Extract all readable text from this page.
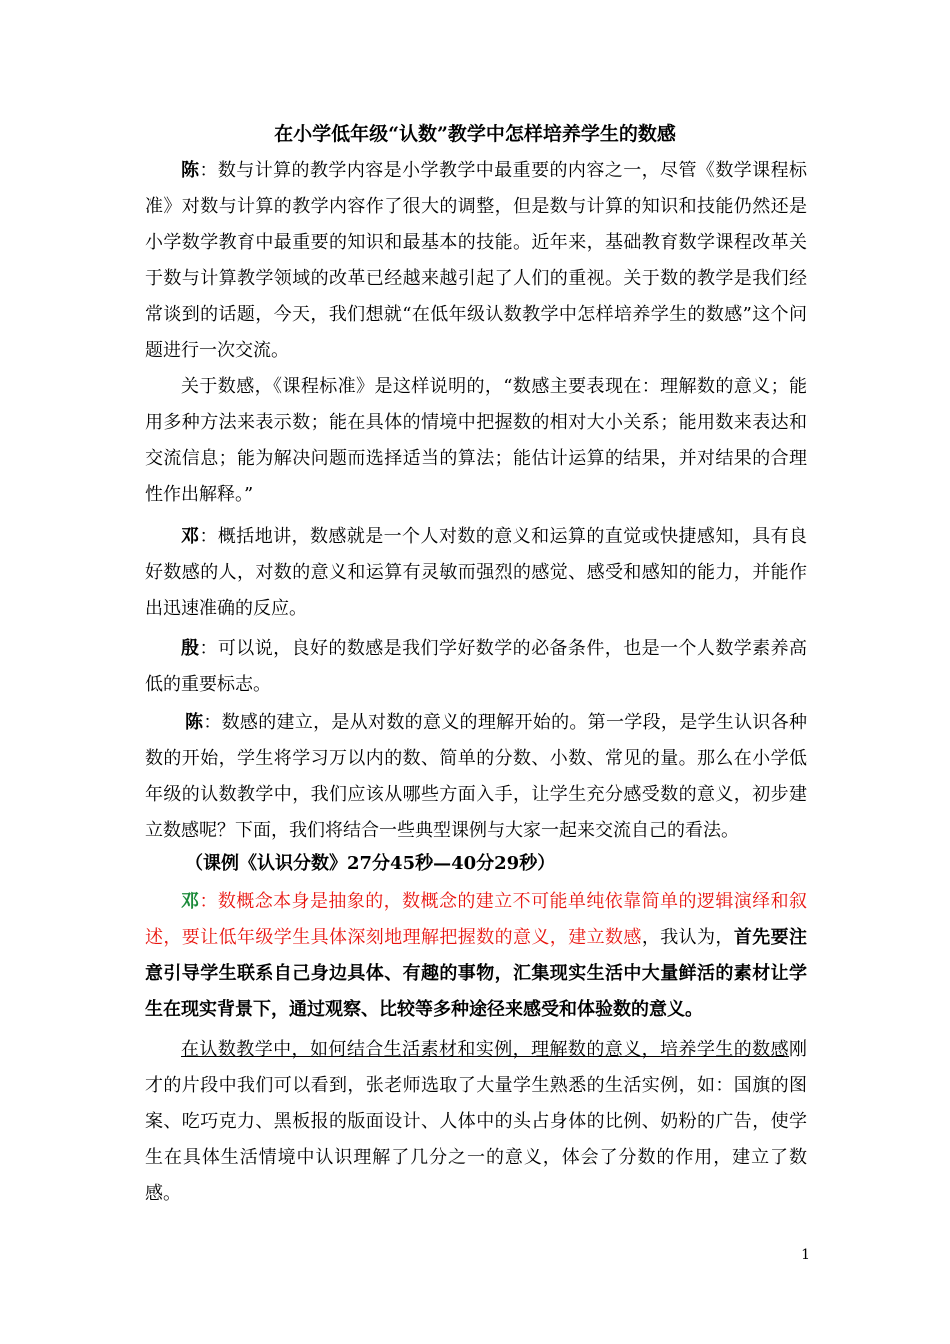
在小学低年级“认数”教学中怎样培养学生的数感
陈：数与计算的教学内容是小学教学中最重要的内容之一，尽管《数学课程标准》对数与计算的教学内容作了很大的调整，但是数与计算的知识和技能仍然还是小学数学教育中最重要的知识和最基本的技能。近年来，基础教育数学课程改革关于数与计算教学领域的改革已经越来越引起了人们的重视。关于数的教学是我们经常谈到的话题，今天，我们想就“在低年级认数教学中怎样培养学生的数感”这个问题进行一次交流。
关于数感，《课程标准》是这样说明的，“数感主要表现在：理解数的意义；能用多种方法来表示数；能在具体的情境中把握数的相对大小关系；能用数来表达和交流信息；能为解决问题而选择适当的算法；能估计运算的结果，并对结果的合理性作出解释。”
邓：概括地讲，数感就是一个人对数的意义和运算的直觉或快捷感知，具有良好数感的人，对数的意义和运算有灵敏而强烈的感觉、感受和感知的能力，并能作出迅速准确的反应。
殷：可以说，良好的数感是我们学好数学的必备条件，也是一个人数学素养高低的重要标志。
陈：数感的建立，是从对数的意义的理解开始的。第一学段，是学生认识各种数的开始，学生将学习万以内的数、简单的分数、小数、常见的量。那么在小学低年级的认数教学中，我们应该从哪些方面入手，让学生充分感受数的意义，初步建立数感呢？下面，我们将结合一些典型课例与大家一起来交流自己的看法。
（课例《认识分数》27分45秒—40分29秒）
邓：数概念本身是抽象的，数概念的建立不可能单纯依靠简单的逻辑演绎和叙述，要让低年级学生具体深刻地理解把握数的意义，建立数感，我认为，首先要注意引导学生联系自己身边具体、有趣的事物，汇集现实生活中大量鲜活的素材让学生在现实背景下，通过观察、比较等多种途径来感受和体验数的意义。
在认数教学中，如何结合生活素材和实例，理解数的意义，培养学生的数感刚才的片段中我们可以看到，张老师选取了大量学生熟悉的生活实例，如：国旗的图案、吃巧克力、黑板报的版面设计、人体中的头占身体的比例、奶粉的广告，使学生在具体生活情境中认识理解了几分之一的意义，体会了分数的作用，建立了数感。
1
